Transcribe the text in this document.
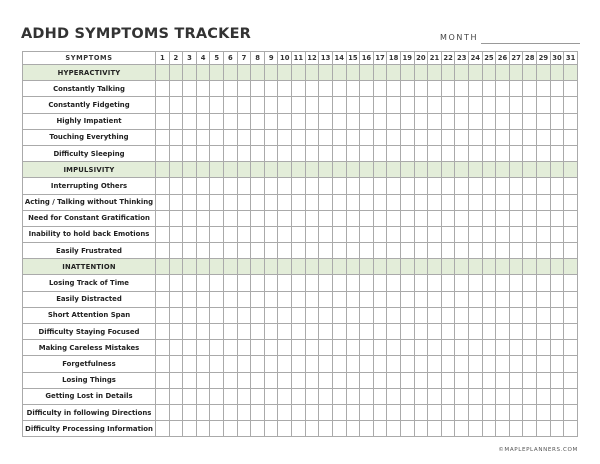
ADHD SYMPTOMS TRACKER	MONTH
SYMPTOMS	1	2	3	4	5	6	7	8	9	10	11	12	13	14	15	16	17	18	19	20	21	22	23	24	25	26	27	28	29	30	31
HYPERACTIVITY																															
Constantly Talking																															
Constantly Fidgeting																															
Highly Impatient																															
Touching Everything																															
Difficulty Sleeping																															
IMPULSIVITY																															
Interrupting Others																															
Acting / Talking without Thinking																															
Need for Constant Gratification																															
Inability to hold back Emotions																															
Easily Frustrated																															
INATTENTION																															
Losing Track of Time																															
Easily Distracted																															
Short Attention Span																															
Difficulty Staying Focused																															
Making Careless Mistakes																															
Forgetfulness																															
Losing Things																															
Getting Lost in Details																															
Difficulty in following Directions																															
Difficulty Processing Information																															
©MAPLEPLANNERS.COM
